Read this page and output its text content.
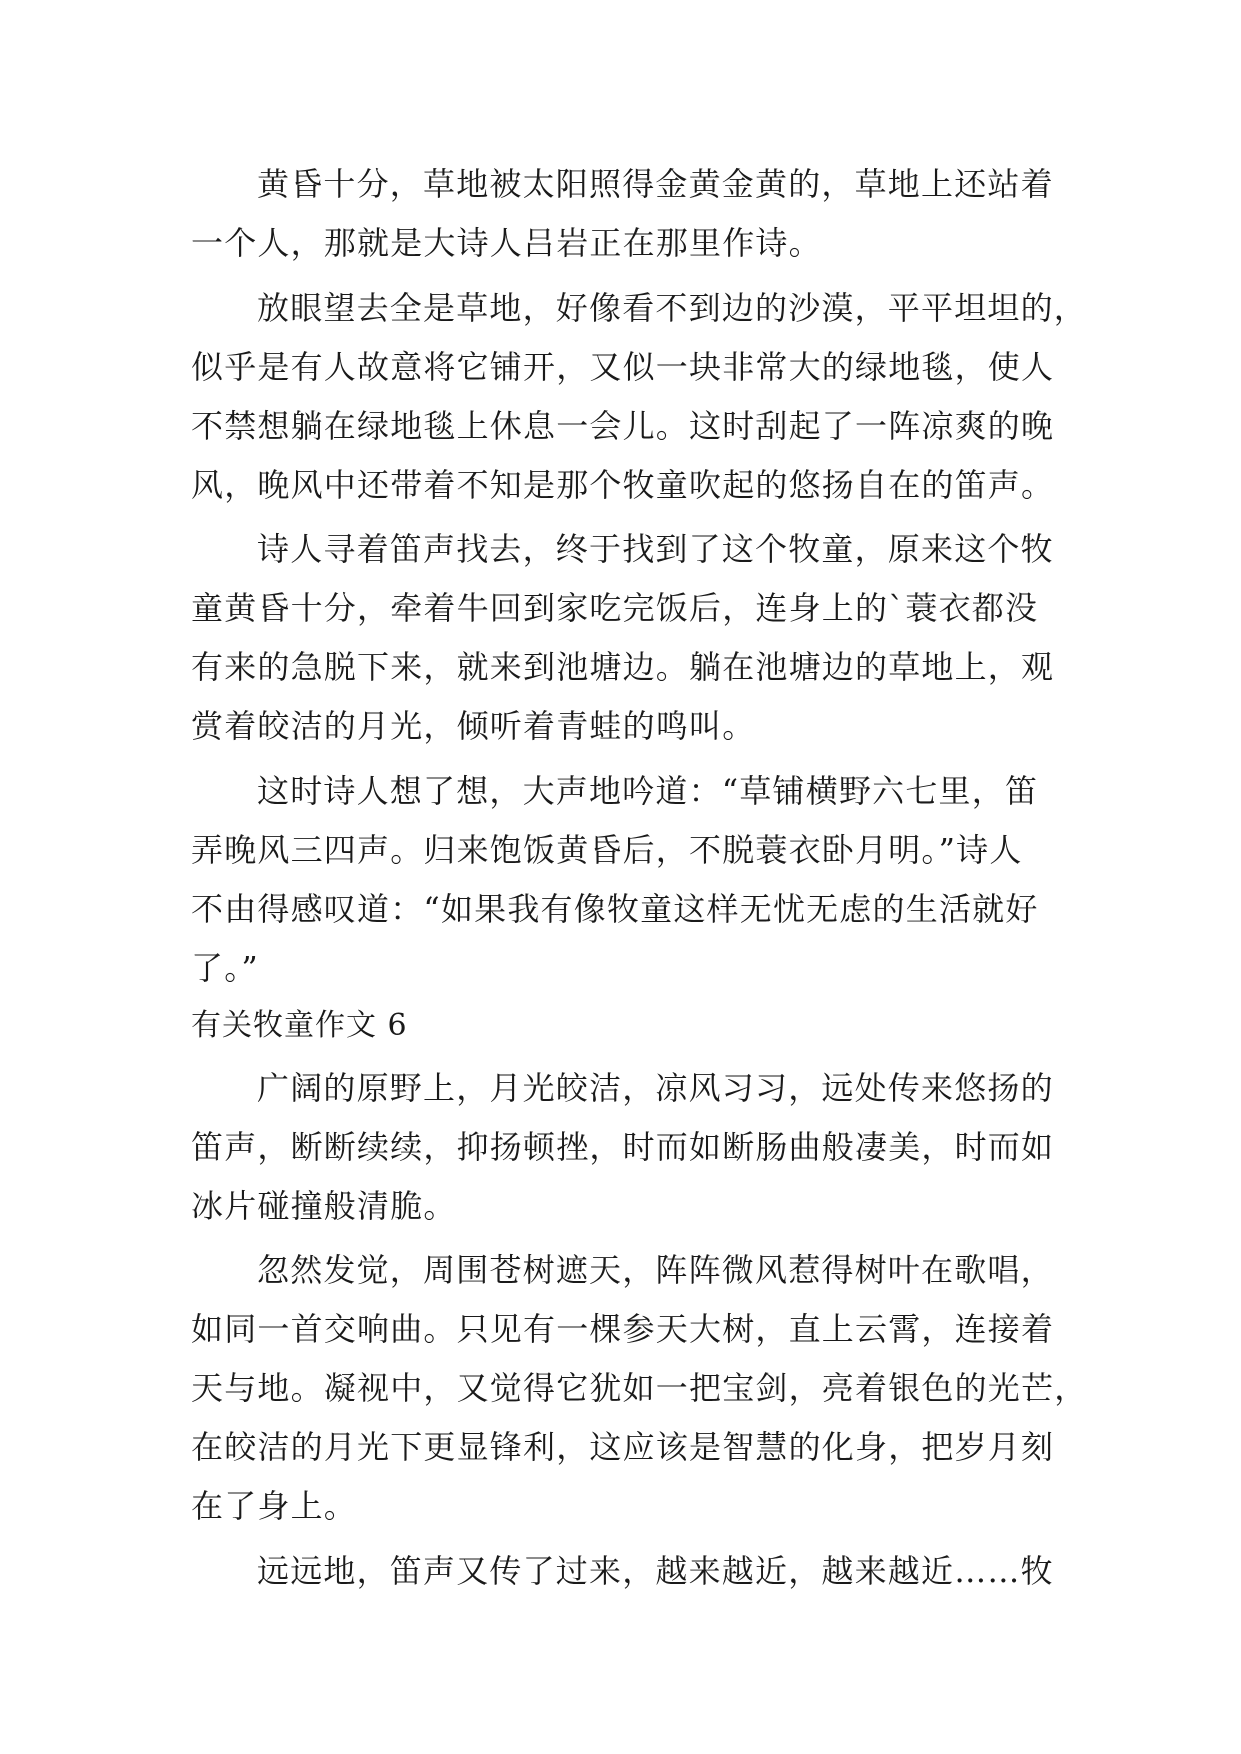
黄昏十分，草地被太阳照得金黄金黄的，草地上还站着
一个人，那就是大诗人吕岩正在那里作诗。
放眼望去全是草地，好像看不到边的沙漠，平平坦坦的，
似乎是有人故意将它铺开，又似一块非常大的绿地毯，使人
不禁想躺在绿地毯上休息一会儿。这时刮起了一阵凉爽的晚
风，晚风中还带着不知是那个牧童吹起的悠扬自在的笛声。
诗人寻着笛声找去，终于找到了这个牧童，原来这个牧
童黄昏十分，牵着牛回到家吃完饭后，连身上的`蓑衣都没
有来的急脱下来，就来到池塘边。躺在池塘边的草地上，观
赏着皎洁的月光，倾听着青蛙的鸣叫。
这时诗人想了想，大声地吟道：“草铺横野六七里，笛
弄晚风三四声。归来饱饭黄昏后，不脱蓑衣卧月明。”诗人
不由得感叹道：“如果我有像牧童这样无忧无虑的生活就好
了。”
有关牧童作文 6
广阔的原野上，月光皎洁，凉风习习，远处传来悠扬的
笛声，断断续续，抑扬顿挫，时而如断肠曲般凄美，时而如
冰片碰撞般清脆。
忽然发觉，周围苍树遮天，阵阵微风惹得树叶在歌唱，
如同一首交响曲。只见有一棵参天大树，直上云霄，连接着
天与地。凝视中，又觉得它犹如一把宝剑，亮着银色的光芒，
在皎洁的月光下更显锋利，这应该是智慧的化身，把岁月刻
在了身上。
远远地，笛声又传了过来，越来越近，越来越近……牧
